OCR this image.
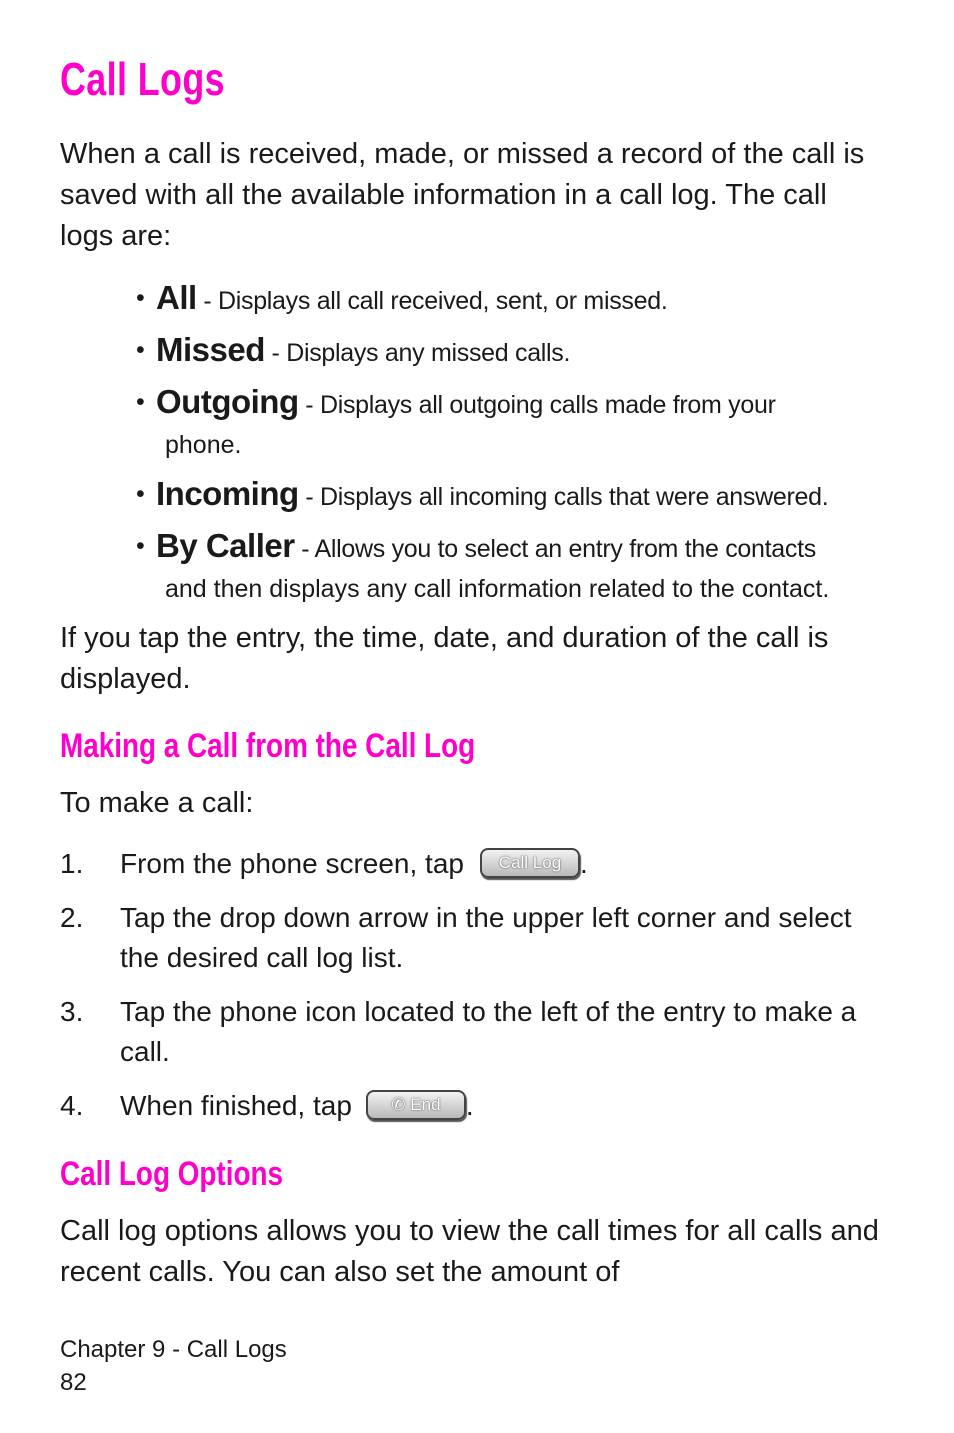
Call Logs

When a call is received, made, or missed a record of the call is saved with all the available information in a call log. The call logs are:

• All - Displays all call received, sent, or missed.
• Missed - Displays any missed calls.
• Outgoing - Displays all outgoing calls made from your
phone.
• Incoming - Displays all incoming calls that were answered.
• By Caller - Allows you to select an entry from the contacts
and then displays any call information related to the contact.

If you tap the entry, the time, date, and duration of the call is displayed.

Making a Call from the Call Log

To make a call:

1. From the phone screen, tap Call Log .
2. Tap the drop down arrow in the upper left corner and select the desired call log list.
3. Tap the phone icon located to the left of the entry to make a call.
4. When finished, tap ✆ End .
Call Log Options

Call log options allows you to view the call times for all calls and recent calls. You can also set the amount of

Chapter 9 - Call Logs
82
